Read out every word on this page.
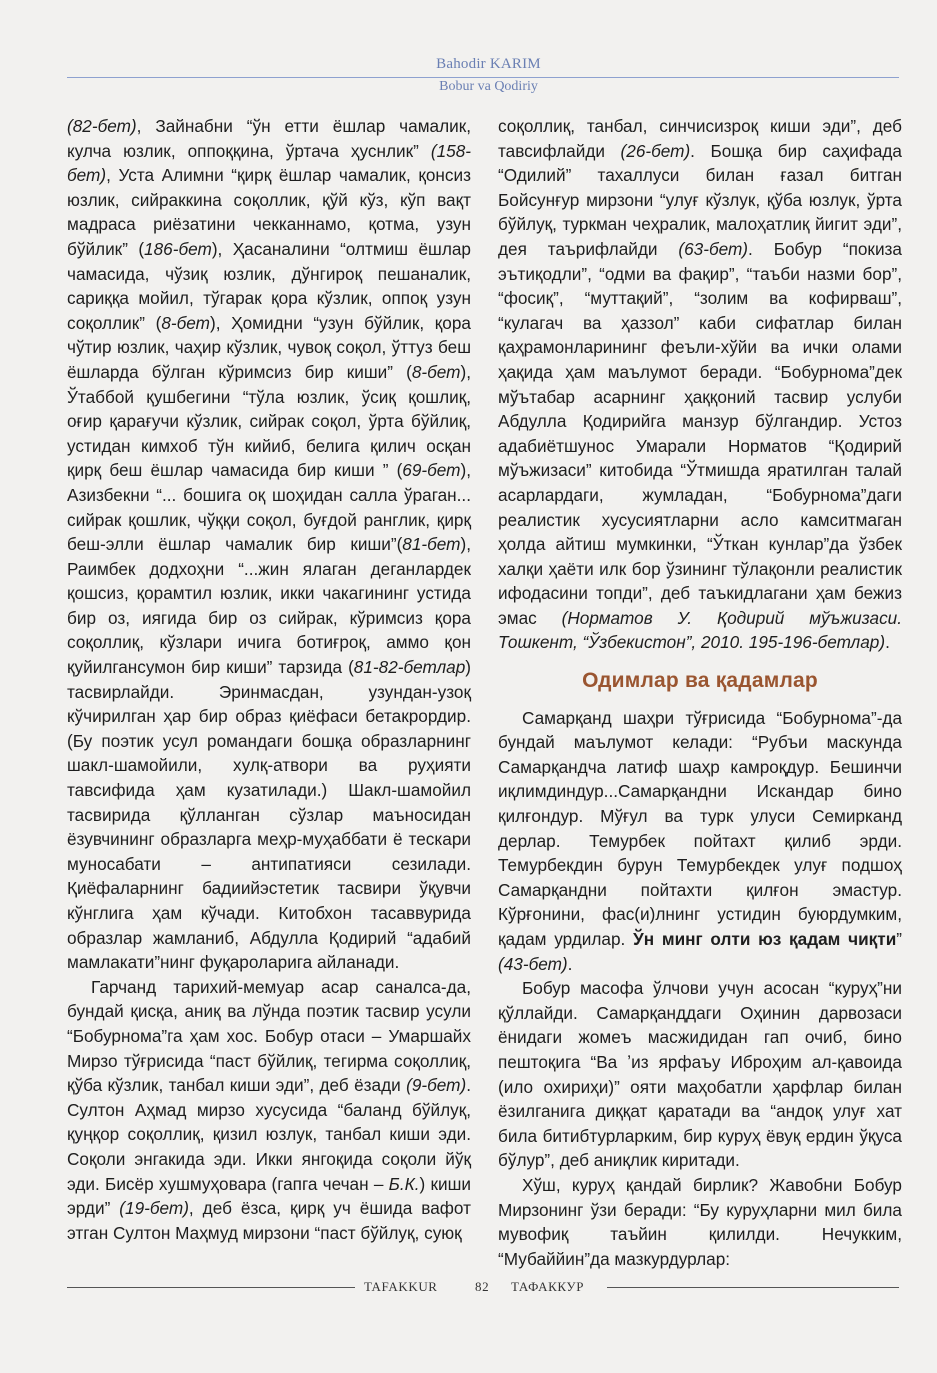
Bahodir KARIM
Bobur va Qodiriy

(82-бет), Зайнабни “ўн етти ёшлар чамалик, кулча юзлик, оппоққина, ўртача ҳуснлик” (158-бет), Уста Алимни “қирқ ёшлар чамалик, қонсиз юзлик, сийраккина соқоллик, қўй кўз, кўп вақт мадраса риёзатини чекканнамо, қотма, узун бўйлик” (186-бет), Ҳасаналини “олтмиш ёшлар чамасида, чўзиқ юзлик, дўнгироқ пешаналик, сариққа мойил, тўгарак қора кўзлик, оппоқ узун соқоллик” (8-бет), Ҳомидни “узун бўйлик, қора чўтир юзлик, чаҳир кўзлик, чувоқ соқол, ўттуз беш ёшларда бўлган кўримсиз бир киши” (8-бет), Ўтаббой қушбегини “тўла юзлик, ўсиқ қошлиқ, оғир қарағучи кўзлик, сийрак соқол, ўрта бўйлиқ, устидан кимхоб тўн кийиб, белига қилич осқан қирқ беш ёшлар чамасида бир киши ” (69-бет), Азизбекни “... бошига оқ шоҳидан салла ўраган... сийрак қошлик, чўққи соқол, буғдой ранглик, қирқ беш-элли ёшлар чамалик бир киши”(81-бет), Раимбек додхоҳни “...жин ялаган деганлардек қошсиз, қорамтил юзлик, икки чакагининг устида бир оз, иягида бир оз сийрак, кўримсиз қора соқоллиқ, кўзлари ичига ботиғроқ, аммо қон қуйилгансумон бир киши” тарзида (81-82-бетлар) тасвирлайди. Эринмасдан, узундан-узоқ кўчирилган ҳар бир образ қиёфаси бетакрордир. (Бу поэтик усул романдаги бошқа образларнинг шакл-шамойили, хулқ-атвори ва руҳияти тавсифида ҳам кузатилади.) Шакл-шамойил тасвирида қўлланган сўзлар маъносидан ёзувчининг образларга меҳр-муҳаббати ё тескари муносабати – антипатияси сезилади. Қиёфаларнинг бадиийэстетик тасвири ўқувчи кўнглига ҳам кўчади. Китобхон тасаввурида образлар жамланиб, Абдулла Қодирий “адабий мамлакати”нинг фуқароларига айланади.

Гарчанд тарихий-мемуар асар саналса-да, бундай қисқа, аниқ ва лўнда поэтик тасвир усули “Бобурнома”га ҳам хос. Бобур отаси – Умаршайх Мирзо тўғрисида “паст бўйлиқ, тегирма соқоллиқ, қўба кўзлик, танбал киши эди”, деб ёзади (9-бет). Султон Аҳмад мирзо хусусида “баланд бўйлуқ, қуңқор соқоллиқ, қизил юзлук, танбал киши эди. Соқоли энгакида эди. Икки янгоқида соқоли йўқ эди. Бисёр хушмуҳовара (гапга чечан – Б.К.) киши эрди” (19-бет), деб ёзса, қирқ уч ёшида вафот этган Султон Маҳмуд мирзони “паст бўйлуқ, суюқ

соқоллиқ, танбал, синчисизроқ киши эди”, деб тавсифлайди (26-бет). Бошқа бир саҳифада “Одилий” тахаллуси билан ғазал битган Бойсунғур мирзони “улуғ кўзлук, қўба юзлук, ўрта бўйлуқ, туркман чеҳралик, малоҳатлиқ йигит эди”, дея таърифлайди (63-бет). Бобур “покиза эътиқодли”, “одми ва фақир”, “таъби назми бор”, “фосиқ”, “муттақий”, “золим ва кофирваш”, “кулагач ва ҳаззол” каби сифатлар билан қаҳрамонларининг феъли-хўйи ва ички олами ҳақида ҳам маълумот беради. “Бобурнома”дек мўътабар асарнинг ҳаққоний тасвир услуби Абдулла Қодирийга манзур бўлгандир. Устоз адабиётшунос Умарали Норматов “Қодирий мўъжизаси” китобида “Ўтмишда яратилган талай асарлардаги, жумладан, “Бобурнома”даги реалистик хусусиятларни асло камситмаган ҳолда айтиш мумкинки, “Ўткан кунлар”да ўзбек халқи ҳаёти илк бор ўзининг тўлақонли реалистик ифодасини топди”, деб таъкидлагани ҳам бежиз эмас (Норматов У. Қодирий мўъжизаси. Тошкент, “Ўзбекистон”, 2010. 195-196-бетлар).

Одимлар ва қадамлар

Самарқанд шаҳри тўғрисида “Бобурнома”-да бундай маълумот келади: “Рубъи маскунда Самарқандча латиф шаҳр камроқдур. Бешинчи иқлимдиндур...Самарқандни Искандар бино қилғондур. Мўғул ва турк улуси Семирканд дерлар. Темурбек пойтахт қилиб эрди. Темурбекдин бурун Темурбекдек улуғ подшоҳ Самарқандни пойтахти қилғон эмастур. Кўрғонини, фас(и)лнинг устидин буюрдумким, қадам урдилар. Ўн минг олти юз қадам чиқти” (43-бет).

Бобур масофа ўлчови учун асосан “куруҳ”ни қўллайди. Самарқанддаги Оҳинин дарвозаси ёнидаги жомеъ масжидидан гап очиб, бино пештоқига “Ва ʼиз ярфаъу Иброҳим ал-қавоида (ило охириҳи)” ояти маҳобатли ҳарфлар билан ёзилганига диққат қаратади ва “андоқ улуғ хат била битибтурларким, бир куруҳ ёвуқ ердин ўқуса бўлур”, деб аниқлик киритади.

Хўш, куруҳ қандай бирлик? Жавобни Бобур Мирзонинг ўзи беради: “Бу куруҳларни мил била мувофиқ таъйин қилилди. Нечукким, “Мубаййин”да мазкурдурлар:

TAFAKKUR	82 ТАФАККУР
